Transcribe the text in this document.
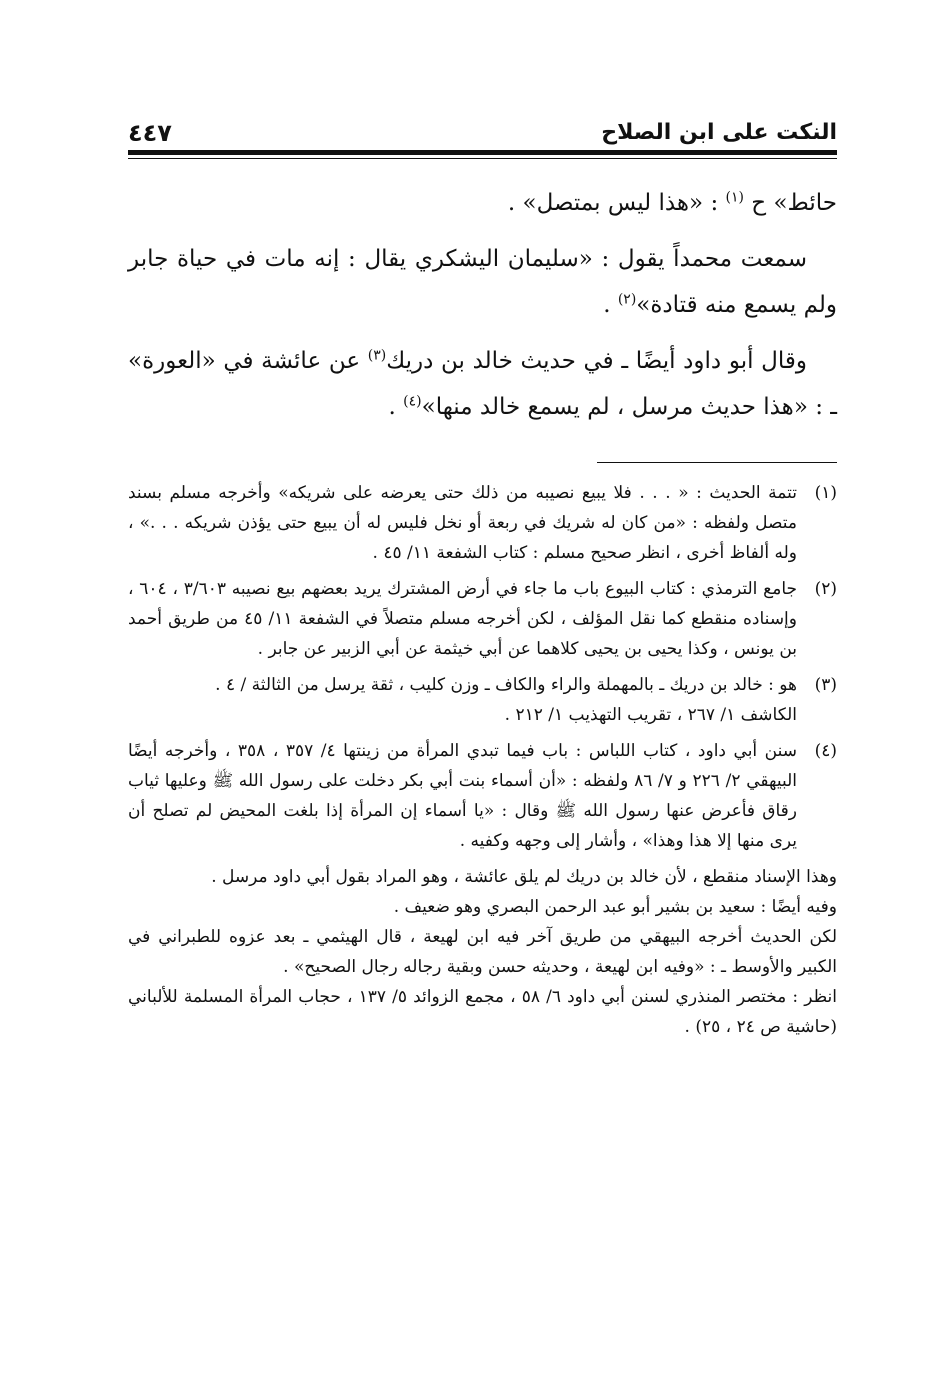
النكت على ابن الصلاح
٤٤٧

حائط» ح $^{(١)}$ : «هذا ليس بمتصل» .

سمعت محمداً يقول : «سليمان اليشكري يقال : إنه مات في حياة جابر ولم يسمع منه قتادة»$^{(٢)}$ .

وقال أبو داود أيضًا ـ في حديث خالد بن دريك$^{(٣)}$ عن عائشة في «العورة» ـ : «هذا حديث مرسل ، لم يسمع خالد منها»$^{(٤)}$ .

(١)
تتمة الحديث : « . . . فلا يبيع نصيبه من ذلك حتى يعرضه على شريكه» وأخرجه مسلم بسند متصل ولفظه : «من كان له شريك في ربعة أو نخل فليس له أن يبيع حتى يؤذن شريكه . . .» ، وله ألفاظ أخرى ، انظر صحيح مسلم : كتاب الشفعة ١١/ ٤٥ .
(٢)
جامع الترمذي : كتاب البيوع باب ما جاء في أرض المشترك يريد بعضهم بيع نصيبه ٣/٦٠٣ ، ٦٠٤ ، وإسناده منقطع كما نقل المؤلف ، لكن أخرجه مسلم متصلاً في الشفعة ١١/ ٤٥ من طريق أحمد بن يونس ، وكذا يحيى بن يحيى كلاهما عن أبي خيثمة عن أبي الزبير عن جابر .
(٣)
هو : خالد بن دريك ـ بالمهملة والراء والكاف ـ وزن كليب ، ثقة يرسل من الثالثة / ٤ .
الكاشف ١/ ٢٦٧ ، تقريب التهذيب ١/ ٢١٢ .
(٤)
سنن أبي داود ، كتاب اللباس : باب فيما تبدي المرأة من زينتها ٤/ ٣٥٧ ، ٣٥٨ ، وأخرجه أيضًا البيهقي ٢/ ٢٢٦ و ٧/ ٨٦ ولفظه : «أن أسماء بنت أبي بكر دخلت على رسول الله ﷺ وعليها ثياب رقاق فأعرض عنها رسول الله ﷺ وقال : «يا أسماء إن المرأة إذا بلغت المحيض لم تصلح أن يرى منها إلا هذا وهذا» ، وأشار إلى وجهه وكفيه .

وهذا الإسناد منقطع ، لأن خالد بن دريك لم يلق عائشة ، وهو المراد بقول أبي داود مرسل .

وفيه أيضًا : سعيد بن بشير أبو عبد الرحمن البصري وهو ضعيف .

لكن الحديث أخرجه البيهقي من طريق آخر فيه ابن لهيعة ، قال الهيثمي ـ بعد عزوه للطبراني في الكبير والأوسط ـ : «وفيه ابن لهيعة ، وحديثه حسن وبقية رجاله رجال الصحيح» .

انظر : مختصر المنذري لسنن أبي داود ٦/ ٥٨ ، مجمع الزوائد ٥/ ١٣٧ ، حجاب المرأة المسلمة للألباني (حاشية ص ٢٤ ، ٢٥) .
